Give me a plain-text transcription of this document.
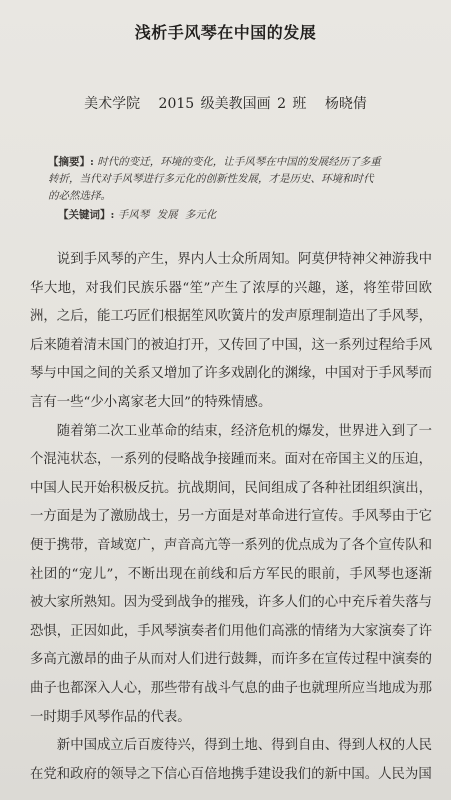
浅析手风琴在中国的发展
美术学院 2015 级美教国画 2 班 杨晓倩
【摘要】: 时代的变迁，环境的变化，让手风琴在中国的发展经历了多重转折，当代对手风琴进行多元化的创新性发展，才是历史、环境和时代的必然选择。
【关键词】: 手风琴 发展 多元化

说到手风琴的产生，界内人士众所周知。阿莫伊特神父神游我中华大地，对我们民族乐器“笙”产生了浓厚的兴趣，遂，将笙带回欧洲，之后，能工巧匠们根据笙风吹簧片的发声原理制造出了手风琴，后来随着清末国门的被迫打开，又传回了中国，这一系列过程给手风琴与中国之间的关系又增加了许多戏剧化的渊缘，中国对于手风琴而言有一些“少小离家老大回”的特殊情感。

随着第二次工业革命的结束，经济危机的爆发，世界进入到了一个混沌状态，一系列的侵略战争接踵而来。面对在帝国主义的压迫，中国人民开始积极反抗。抗战期间，民间组成了各种社团组织演出，一方面是为了激励战士，另一方面是对革命进行宣传。手风琴由于它便于携带，音域宽广，声音高亢等一系列的优点成为了各个宣传队和社团的“宠儿”，不断出现在前线和后方军民的眼前，手风琴也逐渐被大家所熟知。因为受到战争的摧残，许多人们的心中充斥着失落与恐惧，正因如此，手风琴演奏者们用他们高涨的情绪为大家演奏了许多高亢激昂的曲子从而对人们进行鼓舞，而许多在宣传过程中演奏的曲子也都深入人心，那些带有战斗气息的曲子也就理所应当地成为那一时期手风琴作品的代表。

新中国成立后百废待兴，得到土地、得到自由、得到人权的人民在党和政府的领导之下信心百倍地携手建设我们的新中国。人民为国
